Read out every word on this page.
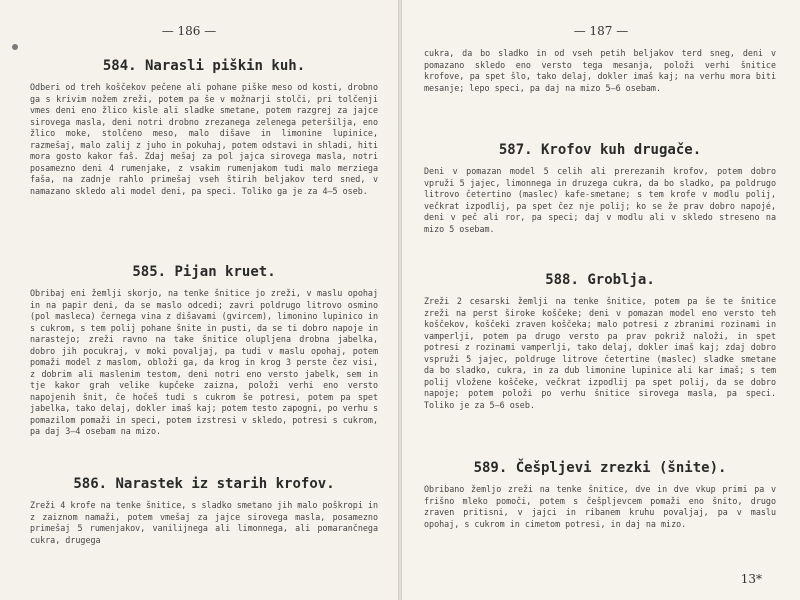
— 186 —
584. Narasli piškin kuh.

Odberi od treh koščekov pečene ali pohane piške meso od kosti, drobno ga s krivim nožem zreži, potem pa še v možnarji stolči, pri tolčenji vmes deni eno žlico kisle ali sladke smetane, potem razgrej za jajce sirovega masla, deni notri drobno zrezanega zelenega peteršilja, eno žlico moke, stolčeno meso, malo dišave in limonine lupinice, razmešaj, malo zalij z juho in pokuhaj, potem odstavi in shladi, hiti mora gosto kakor faš. Zdaj mešaj za pol jajca sirovega masla, notri posamezno deni 4 rumenjake, z vsakim rumenjakom tudi malo merziega faša, na zadnje rahlo primešaj vseh štirih beljakov terd sned, v namazano skledo ali model deni, pa speci. Toliko ga je za 4—5 oseb.

585. Pijan kruet.

Obribaj eni žemlji skorjo, na tenke šnitice jo zreži, v maslu opohaj in na papir deni, da se maslo odcedi; zavri poldrugo litrovo osmino (pol masleca) černega vina z dišavami (gvircem), limonino lupinico in s cukrom, s tem polij pohane šnite in pusti, da se ti dobro napoje in narastejo; zreži ravno na take šnitice olupljena drobna jabelka, dobro jih pocukraj, v moki povaljaj, pa tudi v maslu opohaj, potem pomaži model z maslom, obloži ga, da krog in krog 3 perste čez visi, z dobrim ali maslenim testom, deni notri eno versto jabelk, sem in tje kakor grah velike kupčeke zaizna, položi verhi eno versto napojenih šnit, če hočeš tudi s cukrom še potresi, potem pa spet jabelka, tako delaj, dokler imaš kaj; potem testo zapogni, po verhu s pomazilom pomaži in speci, potem izstresi v skledo, potresi s cukrom, pa daj 3—4 osebam na mizo.

586. Narastek iz starih krofov.

Zreži 4 krofe na tenke šnitice, s sladko smetano jih malo poškropi in z zaiznom namaži, potem vmešaj za jajce sirovega masla, posamezno primešaj 5 rumenjakov, vanilijnega ali limonnega, ali pomarančnega cukra, drugega

— 187 —

cukra, da bo sladko in od vseh petih beljakov terd sneg, deni v pomazano skledo eno versto tega mesanja, položi verhi šnitice krofove, pa spet šlo, tako delaj, dokler imaš kaj; na verhu mora biti mesanje; lepo speci, pa daj na mizo 5—6 osebam.

587. Krofov kuh drugače.

Deni v pomazan model 5 celih ali prerezanih krofov, potem dobro vpruži 5 jajec, limonnega in druzega cukra, da bo sladko, pa poldrugo litrovo četertino (maslec) kafe-smetane; s tem krofe v modlu polij, večkrat izpodlij, pa spet čez nje polij; ko se že prav dobro napojé, deni v peč ali ror, pa speci; daj v modlu ali v skledo streseno na mizo 5 osebam.

588. Groblja.

Zreži 2 cesarski žemlji na tenke šnitice, potem pa še te šnitice zreži na perst široke koščeke; deni v pomazan model eno versto teh koščekov, koščeki zraven koščeka; malo potresi z zbranimi rozinami in vamperlji, potem pa drugo versto pa prav pokriž naloži, in spet potresi z rozinami vamperlji, tako delaj, dokler imaš kaj; zdaj dobro vspruži 5 jajec, poldruge litrove četertine (maslec) sladke smetane da bo sladko, cukra, in za dub limonine lupinice ali kar imaš; s tem polij vložene koščeke, večkrat izpodlij pa spet polij, da se dobro napoje; potem položi po verhu šnitice sirovega masla, pa speci. Toliko je za 5—6 oseb.

589. Češpljevi zrezki (šnite).

Obribano žemljo zreži na tenke šnitice, dve in dve vkup primi pa v frišno mleko pomoči, potem s češpljevcem pomaži eno šnito, drugo zraven pritisni, v jajci in ribanem kruhu povaljaj, pa v maslu opohaj, s cukrom in cimetom potresi, in daj na mizo.

13*
